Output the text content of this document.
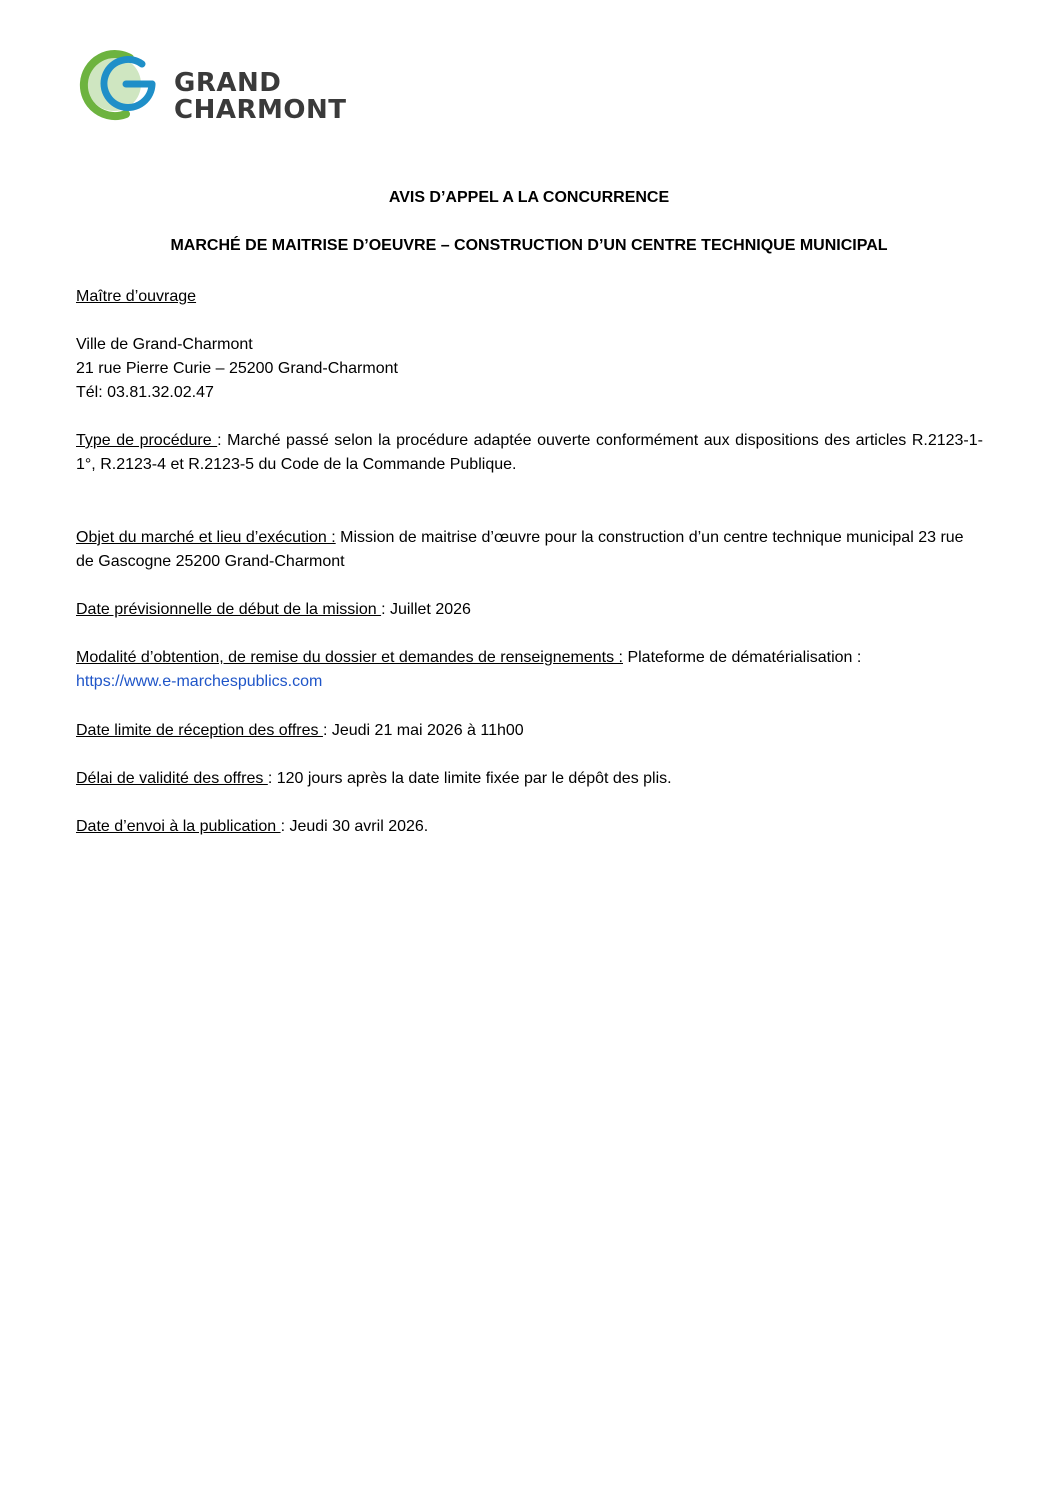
GRAND
CHARMONT
AVIS D’APPEL A LA CONCURRENCE
MARCHÉ DE MAITRISE D’OEUVRE – CONSTRUCTION D’UN CENTRE TECHNIQUE MUNICIPAL
Maître d’ouvrage
Ville de Grand-Charmont
21 rue Pierre Curie – 25200 Grand-Charmont
Tél: 03.81.32.02.47
Type de procédure : Marché passé selon la procédure adaptée ouverte conformément aux dispositions des articles R.2123-1-1°, R.2123-4 et R.2123-5 du Code de la Commande Publique.
Objet du marché et lieu d’exécution : Mission de maitrise d’œuvre pour la construction d’un centre technique municipal 23 rue de Gascogne 25200 Grand-Charmont
Date prévisionnelle de début de la mission : Juillet 2026
Modalité d’obtention, de remise du dossier et demandes de renseignements : Plateforme de dématérialisation :
https://www.e-marchespublics.com
Date limite de réception des offres : Jeudi 21 mai 2026 à 11h00
Délai de validité des offres : 120 jours après la date limite fixée par le dépôt des plis.
Date d’envoi à la publication : Jeudi 30 avril 2026.
